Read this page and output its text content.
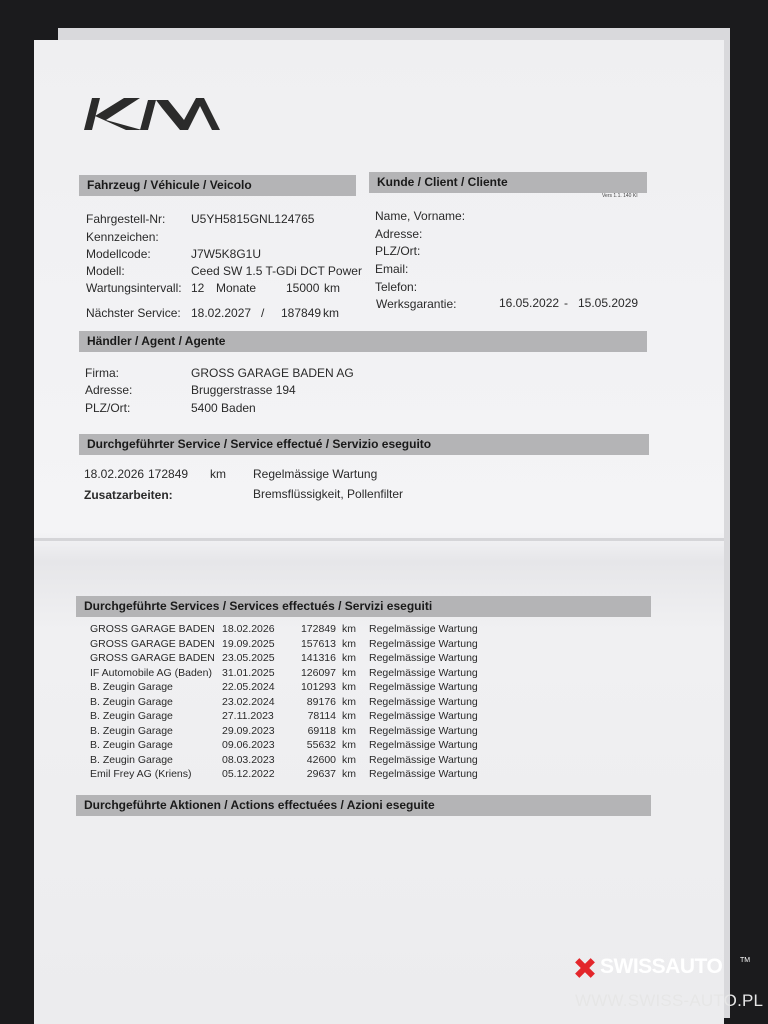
Fahrzeug / Véhicule / Veicolo
Fahrgestell-Nr: U5YH5815GNL124765
Kennzeichen:
Modellcode:	J7W5K8G1U
Modell:	Ceed SW 1.5 T-GDi DCT Power
Wartungsintervall: 12 Monate 15000 km
Nächster Service: 18.02.2027 / 187849 km
Kunde / Client / Cliente
Vers 1.1. 140 KI
Name, Vorname:
Adresse:
PLZ/Ort:
Email:
Telefon:
Werksgarantie:	16.05.2022 - 15.05.2029
Händler / Agent / Agente
Firma:	GROSS GARAGE BADEN AG
Adresse:	Bruggerstrasse 194
PLZ/Ort:	5400 Baden
Durchgeführter Service / Service effectué / Servizio eseguito
18.02.2026 172849 km Regelmässige Wartung
Zusatzarbeiten:	Bremsflüssigkeit, Pollenfilter
Durchgeführte Services / Services effectués / Servizi eseguiti
GROSS GARAGE BADEN 18.02.2026	172849 km Regelmässige Wartung
GROSS GARAGE BADEN 19.09.2025	157613 km Regelmässige Wartung
GROSS GARAGE BADEN 23.05.2025	141316 km Regelmässige Wartung
IF Automobile AG (Baden) 31.01.2025	126097 km Regelmässige Wartung
B. Zeugin Garage	22.05.2024	101293 km Regelmässige Wartung
B. Zeugin Garage	23.02.2024	89176 km Regelmässige Wartung
B. Zeugin Garage	27.11.2023	78114 km Regelmässige Wartung
B. Zeugin Garage	29.09.2023	69118 km Regelmässige Wartung
B. Zeugin Garage	09.06.2023	55632 km Regelmässige Wartung
B. Zeugin Garage	08.03.2023	42600 km Regelmässige Wartung
Emil Frey AG (Kriens)	05.12.2022	29637 km Regelmässige Wartung
Durchgeführte Aktionen / Actions effectuées / Azioni eseguite
SWISSAUTO	TM
WWW.SWISS-AUTO.PL
